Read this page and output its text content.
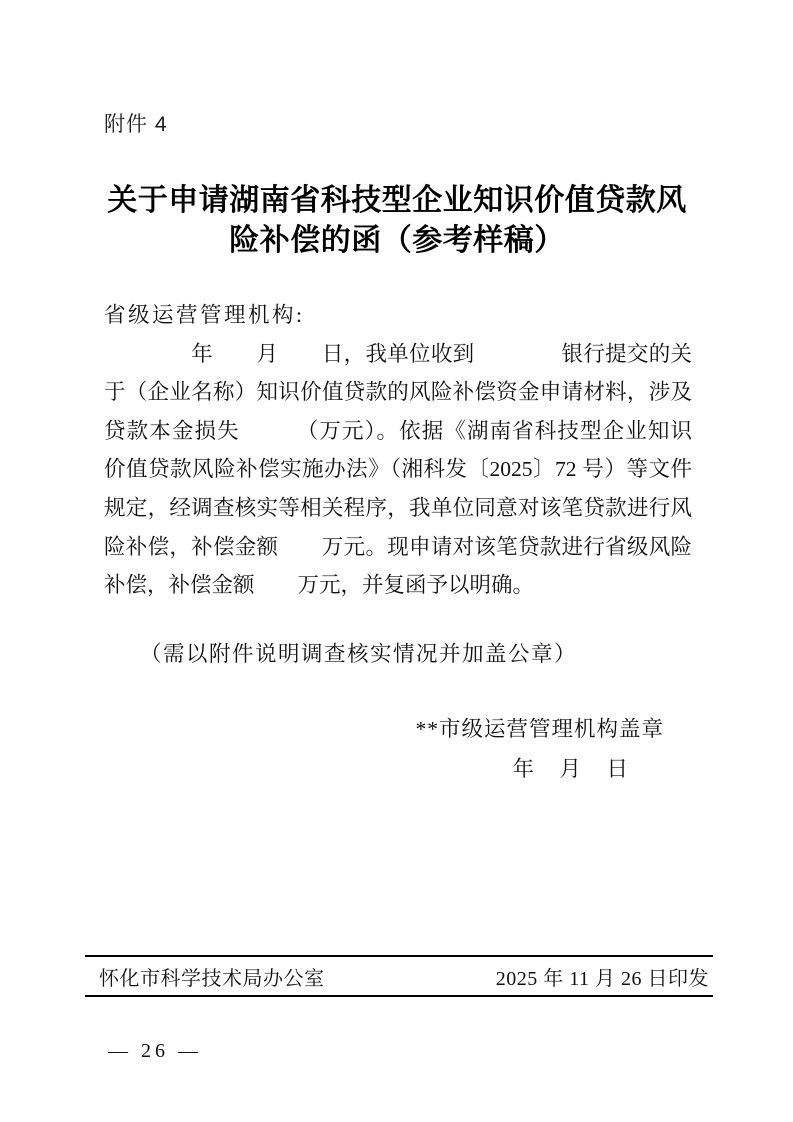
附件 4
关于申请湖南省科技型企业知识价值贷款风
险补偿的函（参考样稿）
省级运营管理机构:
　　　　年　　月　　日，我单位收到　　　　银行提交的关
于（企业名称）知识价值贷款的风险补偿资金申请材料，涉及
贷款本金损失　　　（万元）。依据《湖南省科技型企业知识
价值贷款风险补偿实施办法》（湘科发〔2025〕72 号）等文件
规定，经调查核实等相关程序，我单位同意对该笔贷款进行风
险补偿，补偿金额　　万元。现申请对该笔贷款进行省级风险
补偿，补偿金额　　万元，并复函予以明确。
（需以附件说明调查核实情况并加盖公章）
**市级运营管理机构盖章
年　月　日
怀化市科学技术局办公室	2025 年 11 月 26 日印发
— 26 —
